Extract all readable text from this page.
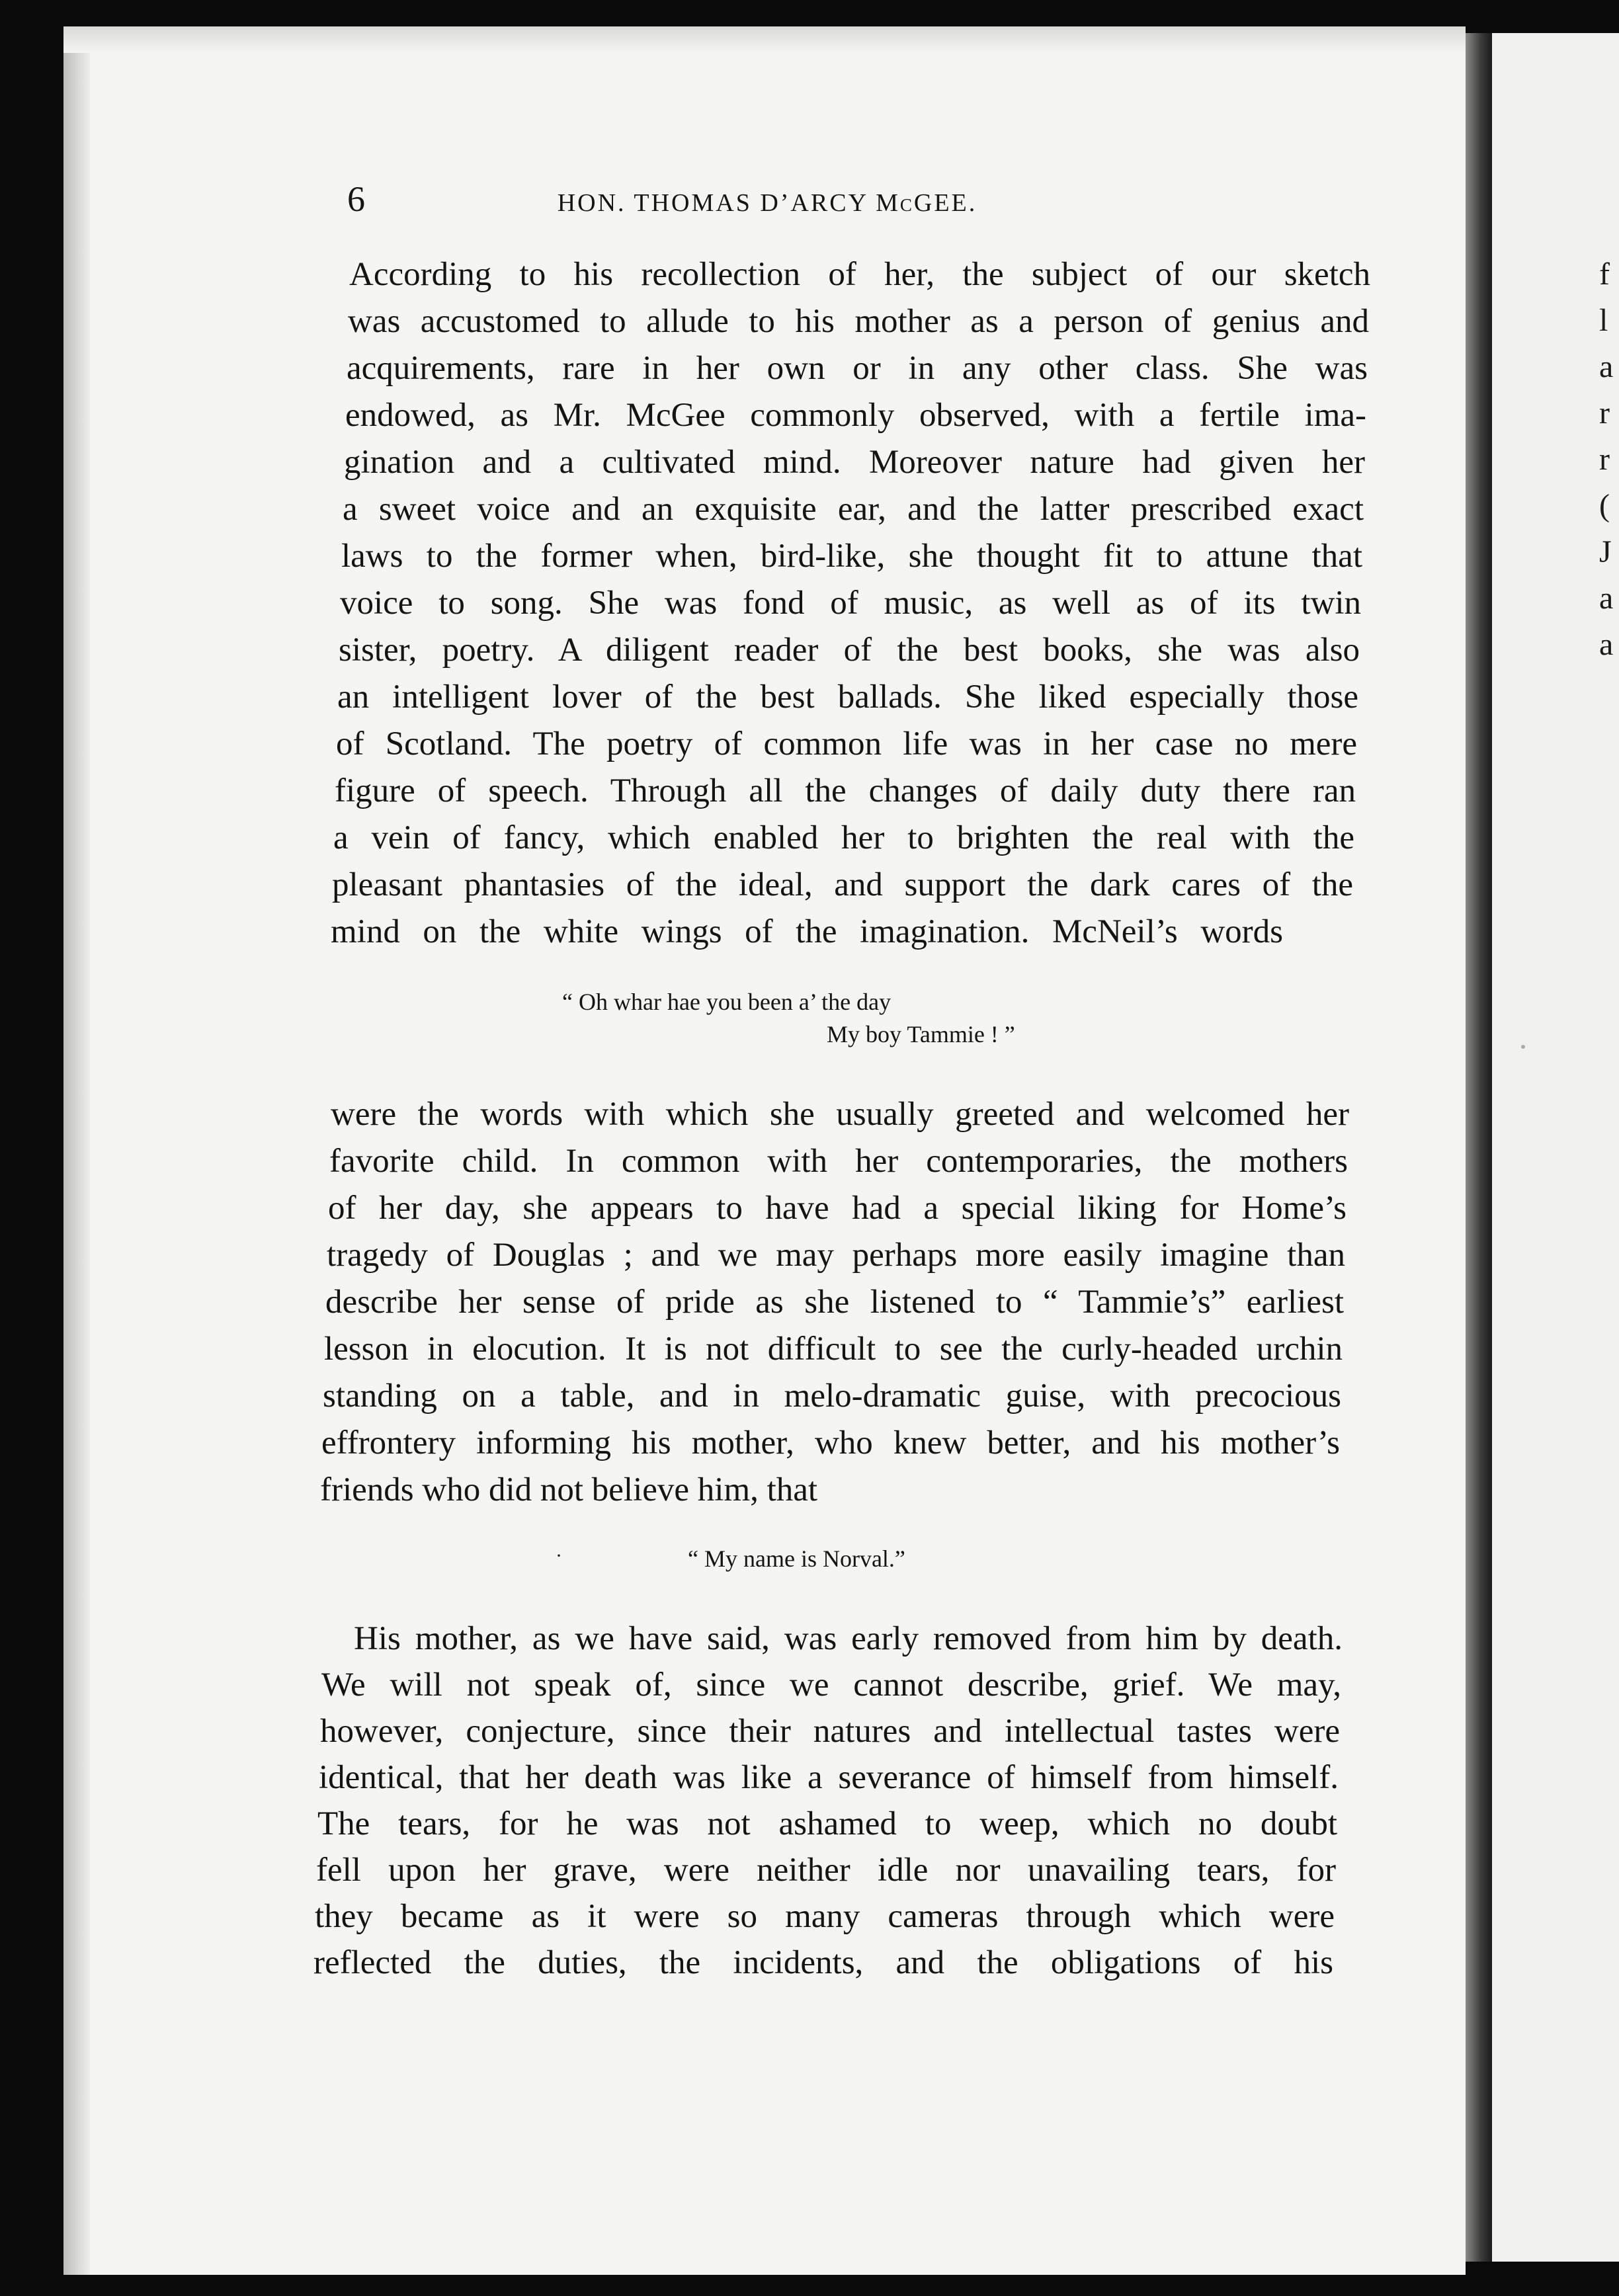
f
l
a
r
r
(
J
a
a
6	HON. THOMAS D’ARCY McGEE.
According to his recollection of her, the subject of our sketch
was accustomed to allude to his mother as a person of genius and
acquirements, rare in her own or in any other class. She was
endowed, as Mr. McGee commonly observed, with a fertile ima-
gination and a cultivated mind. Moreover nature had given her
a sweet voice and an exquisite ear, and the latter prescribed exact
laws to the former when, bird-like, she thought fit to attune that
voice to song. She was fond of music, as well as of its twin
sister, poetry. A diligent reader of the best books, she was also
an intelligent lover of the best ballads. She liked especially those
of Scotland. The poetry of common life was in her case no mere
figure of speech. Through all the changes of daily duty there ran
a vein of fancy, which enabled her to brighten the real with the
pleasant phantasies of the ideal, and support the dark cares of the
mind on the white wings of the imagination. McNeil’s words
“ Oh whar hae you been a’ the day
My boy Tammie ! ”
were the words with which she usually greeted and welcomed her
favorite child. In common with her contemporaries, the mothers
of her day, she appears to have had a special liking for Home’s
tragedy of Douglas ; and we may perhaps more easily imagine than
describe her sense of pride as she listened to “ Tammie’s” earliest
lesson in elocution. It is not difficult to see the curly-headed urchin
standing on a table, and in melo-dramatic guise, with precocious
effrontery informing his mother, who knew better, and his mother’s
friends who did not believe him, that
·	“ My name is Norval.”
His mother, as we have said, was early removed from him by death.
We will not speak of, since we cannot describe, grief. We may,
however, conjecture, since their natures and intellectual tastes were
identical, that her death was like a severance of himself from himself.
The tears, for he was not ashamed to weep, which no doubt
fell upon her grave, were neither idle nor unavailing tears, for
they became as it were so many cameras through which were
reflected the duties, the incidents, and the obligations of his
